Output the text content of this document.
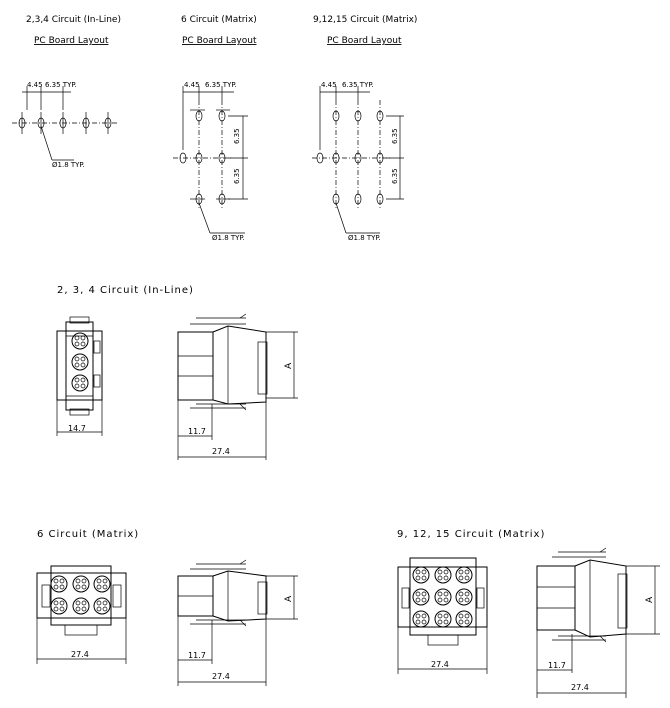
2,3,4 Circuit (In-Line)
PC Board Layout
6 Circuit (Matrix)
PC Board Layout
9,12,15 Circuit (Matrix)
PC Board Layout
4.45 6.35 TYP.
Ø1.8 TYP.
4.45 6.35 TYP.
6.35
6.35
Ø1.8 TYP.
4.45 6.35 TYP.
6.35
6.35
Ø1.8 TYP.
2, 3, 4 Circuit (In-Line)
14.7
A
11.7
27.4
6 Circuit (Matrix)
27.4
A
11.7
27.4
9, 12, 15 Circuit (Matrix)
27.4
A
11.7
27.4
